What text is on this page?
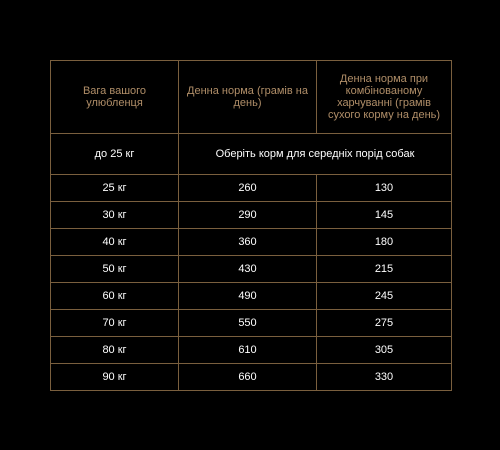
Вага вашого улюбленця	Денна норма (грамів на день)	Денна норма при комбінованому харчуванні (грамів сухого корму на день)
до 25 кг	Оберіть корм для середніх порід собак	
25 кг	260	130
30 кг	290	145
40 кг	360	180
50 кг	430	215
60 кг	490	245
70 кг	550	275
80 кг	610	305
90 кг	660	330
